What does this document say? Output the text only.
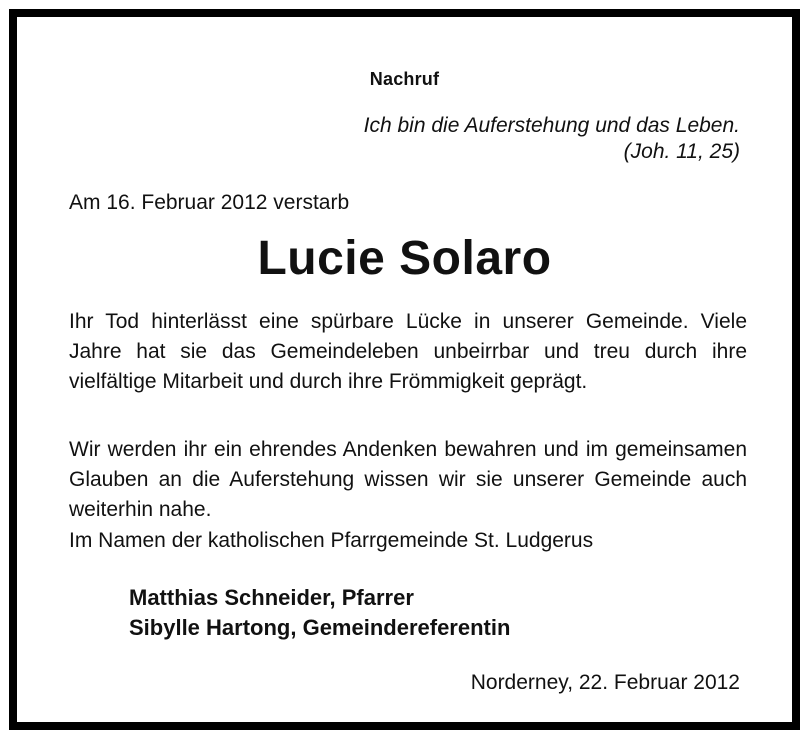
Nachruf
Ich bin die Auferstehung und das Leben.
(Joh. 11, 25)
Am 16. Februar 2012 verstarb
Lucie Solaro
Ihr Tod hinterlässt eine spürbare Lücke in unserer Gemeinde. Viele Jahre hat sie das Gemeindeleben unbeirrbar und treu durch ihre vielfältige Mitarbeit und durch ihre Frömmigkeit geprägt.
Wir werden ihr ein ehrendes Andenken bewahren und im gemeinsamen Glauben an die Auferstehung wissen wir sie unserer Gemeinde auch weiterhin nahe.
Im Namen der katholischen Pfarrgemeinde St. Ludgerus
Matthias Schneider, Pfarrer
Sibylle Hartong, Gemeindereferentin
Norderney, 22. Februar 2012
